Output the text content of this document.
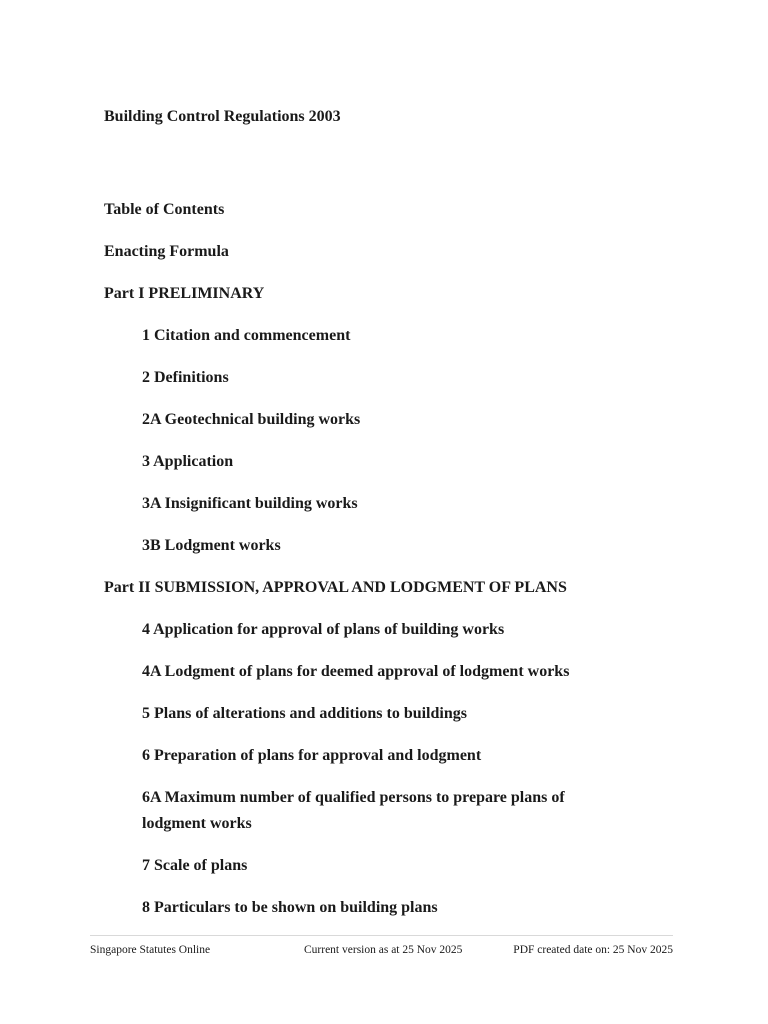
Building Control Regulations 2003
Table of Contents
Enacting Formula
Part I PRELIMINARY
1 Citation and commencement
2 Definitions
2A Geotechnical building works
3 Application
3A Insignificant building works
3B Lodgment works
Part II SUBMISSION, APPROVAL AND LODGMENT OF PLANS
4 Application for approval of plans of building works
4A Lodgment of plans for deemed approval of lodgment works
5 Plans of alterations and additions to buildings
6 Preparation of plans for approval and lodgment
6A Maximum number of qualified persons to prepare plans of lodgment works
7 Scale of plans
8 Particulars to be shown on building plans
Singapore Statutes Online	Current version as at 25 Nov 2025	PDF created date on: 25 Nov 2025
